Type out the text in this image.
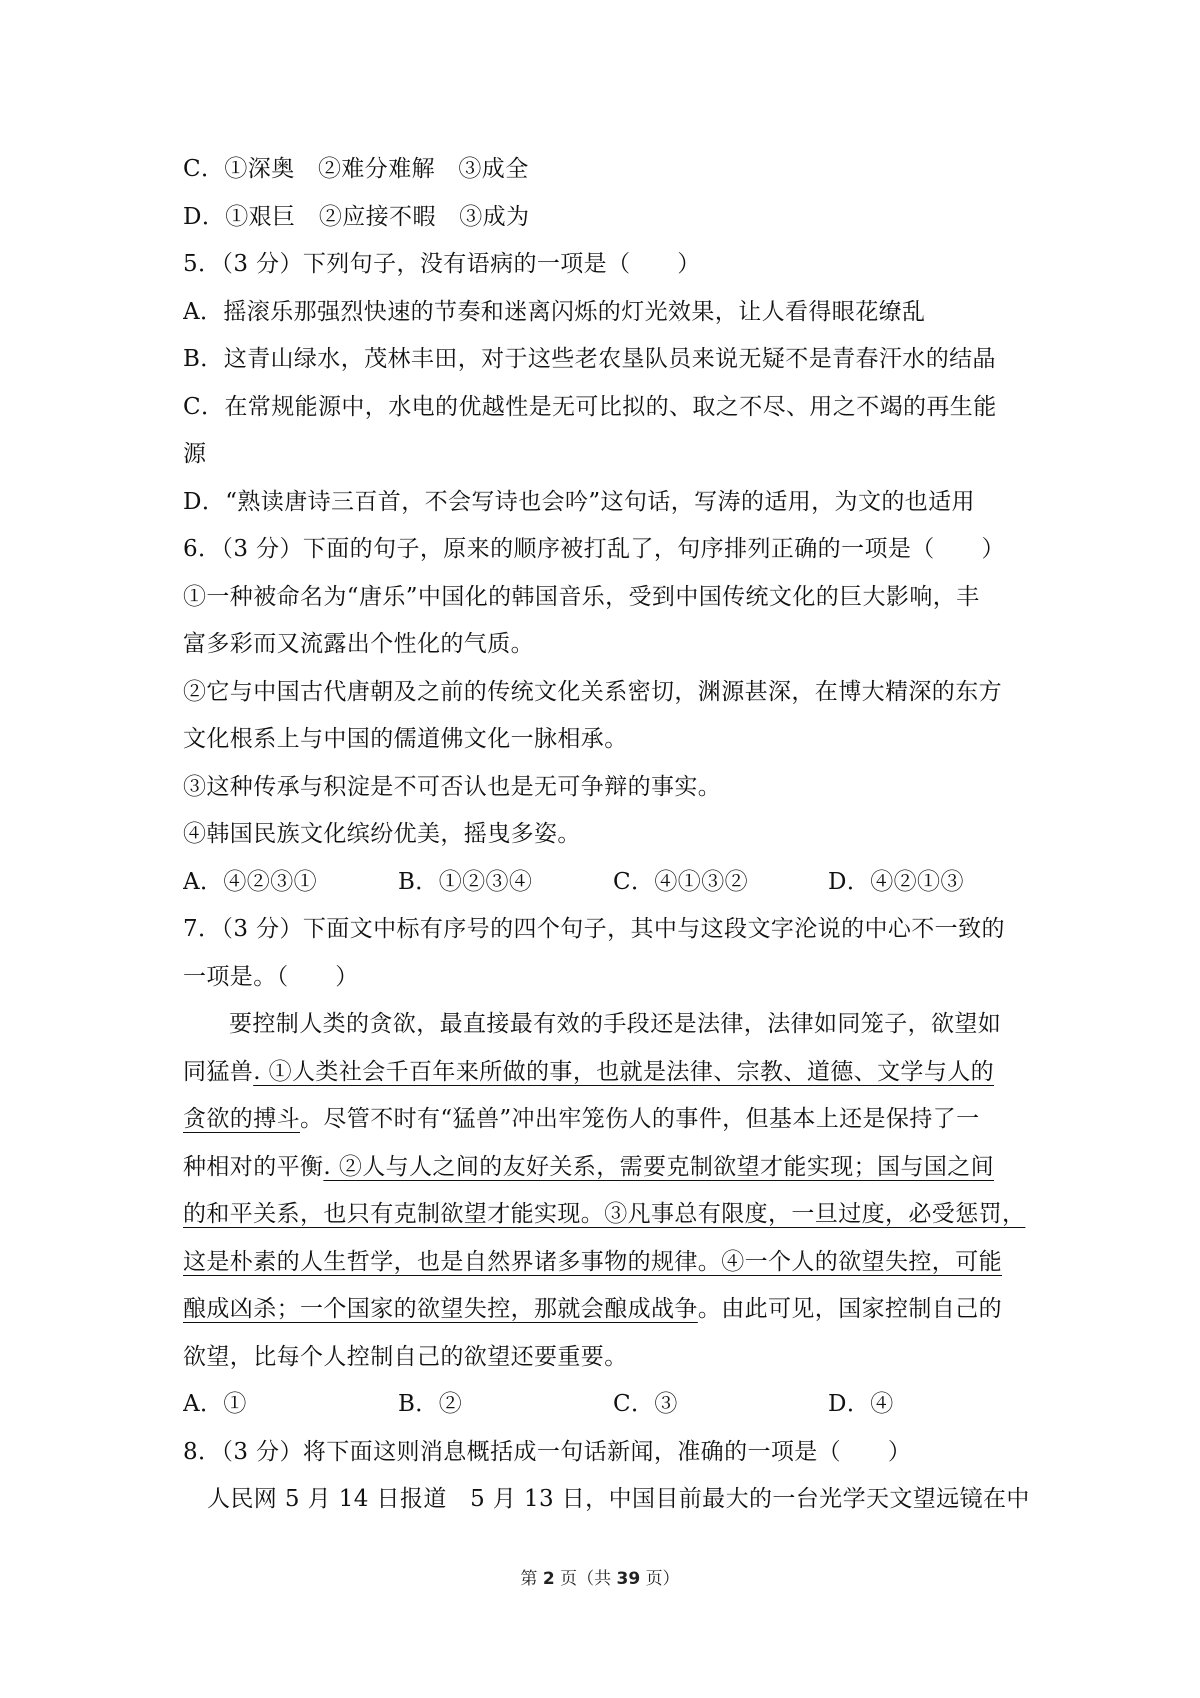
C．①深奥　②难分难解　③成全
D．①艰巨　②应接不暇　③成为
5．（3 分）下列句子，没有语病的一项是（　　）
A．摇滚乐那强烈快速的节奏和迷离闪烁的灯光效果，让人看得眼花缭乱
B．这青山绿水，茂林丰田，对于这些老农垦队员来说无疑不是青春汗水的结晶
C．在常规能源中，水电的优越性是无可比拟的、取之不尽、用之不竭的再生能
源
D．“熟读唐诗三百首，不会写诗也会吟”这句话，写涛的适用，为文的也适用
6．（3 分）下面的句子，原来的顺序被打乱了，句序排列正确的一项是（　　）
①一种被命名为“唐乐”中国化的韩国音乐，受到中国传统文化的巨大影响，丰
富多彩而又流露出个性化的气质。
②它与中国古代唐朝及之前的传统文化关系密切，渊源甚深，在博大精深的东方
文化根系上与中国的儒道佛文化一脉相承。
③这种传承与积淀是不可否认也是无可争辩的事实。
④韩国民族文化缤纷优美，摇曳多姿。
A．④②③①	B．①②③④	C．④①③②	D．④②①③
7．（3 分）下面文中标有序号的四个句子，其中与这段文字沦说的中心不一致的
一项是。（　　）
要控制人类的贪欲，最直接最有效的手段还是法律，法律如同笼子，欲望如
同猛兽. ①人类社会千百年来所做的事，也就是法律、宗教、道德、文学与人的
贪欲的搏斗。尽管不时有“猛兽”冲出牢笼伤人的事件，但基本上还是保持了一
种相对的平衡. ②人与人之间的友好关系，需要克制欲望才能实现；国与国之间
的和平关系，也只有克制欲望才能实现。③凡事总有限度，一旦过度，必受惩罚，
这是朴素的人生哲学，也是自然界诸多事物的规律。④一个人的欲望失控，可能
酿成凶杀；一个国家的欲望失控，那就会酿成战争。由此可见，国家控制自己的
欲望，比每个人控制自己的欲望还要重要。
A．①	B．②	C．③	D．④
8．（3 分）将下面这则消息概括成一句话新闻，准确的一项是（　　）
人民网 5 月 14 日报道　5 月 13 日，中国目前最大的一台光学天文望远镜在中
第 2 页（共 39 页）
